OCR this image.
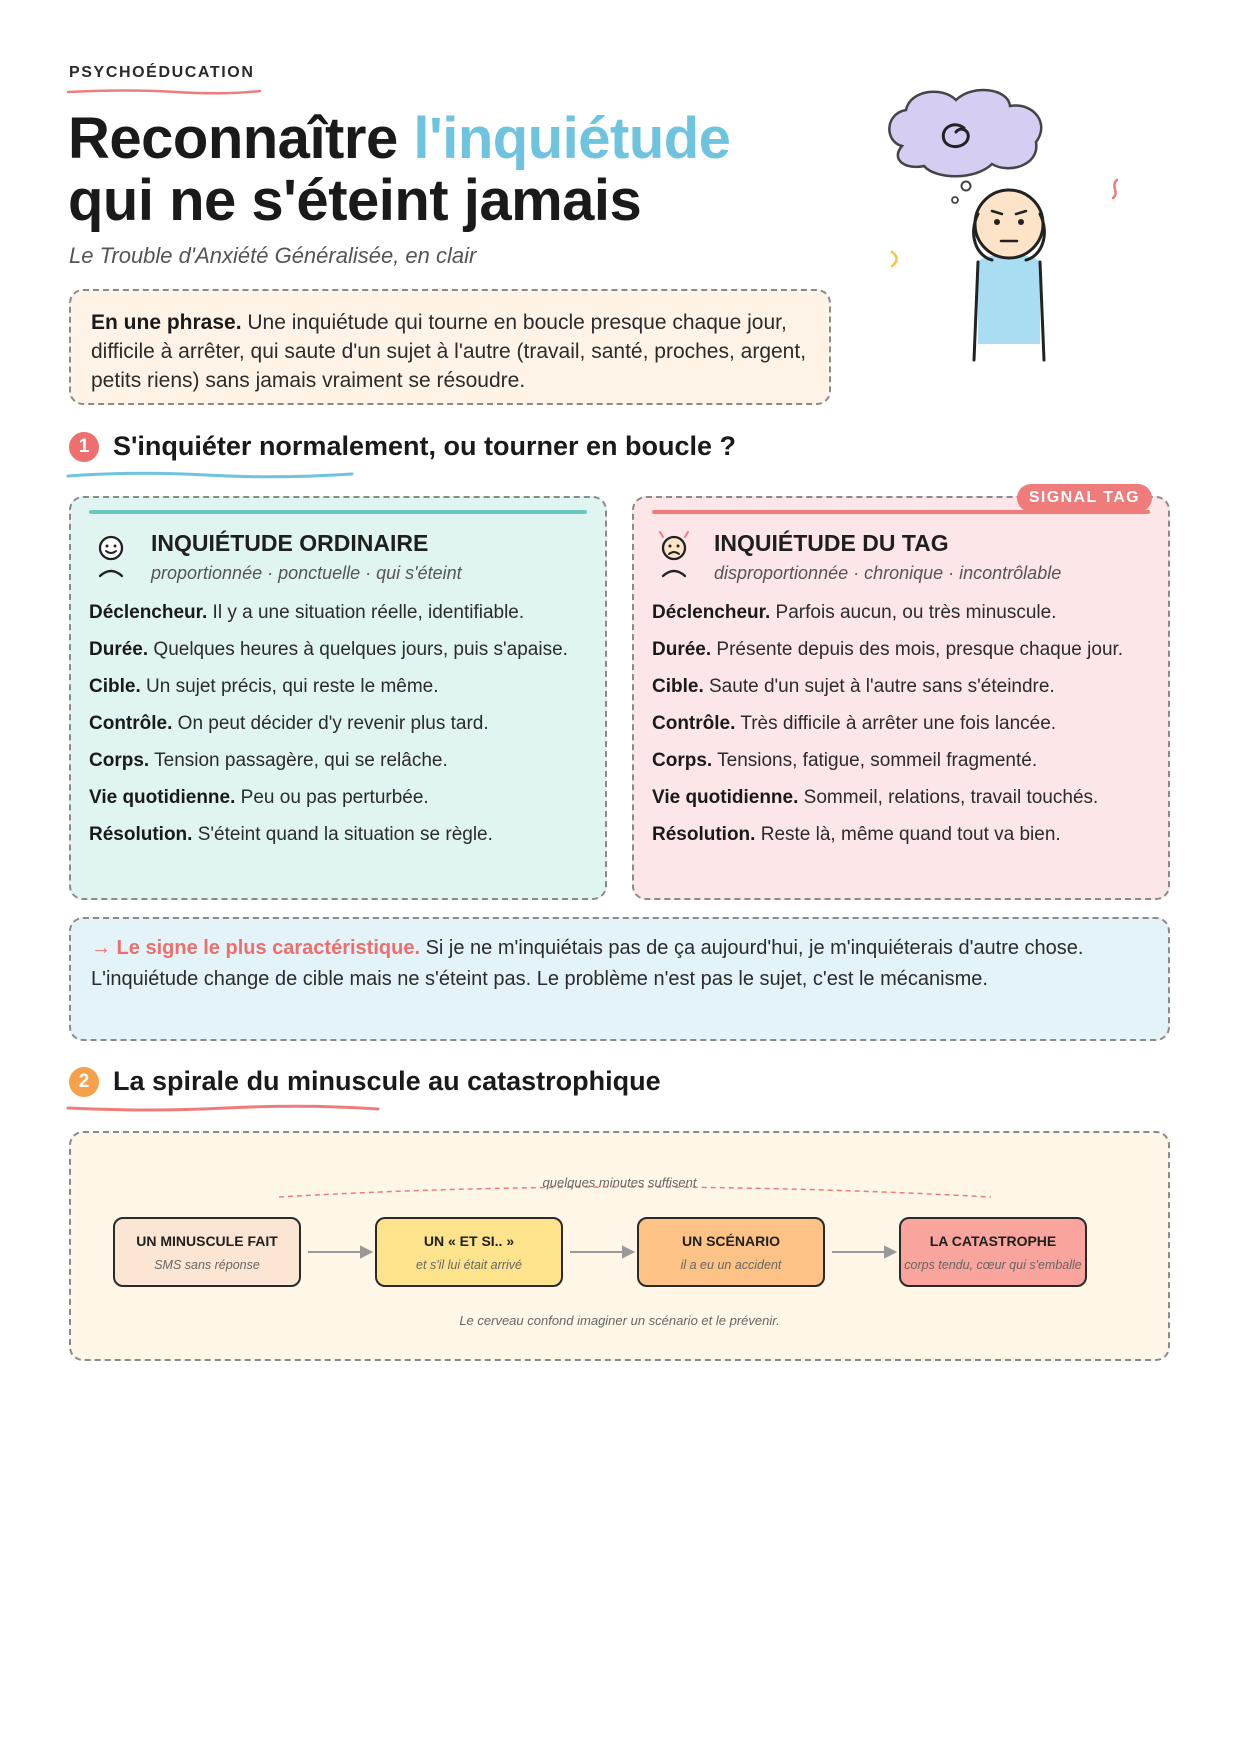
PSYCHOÉDUCATION
Reconnaître l'inquiétude
qui ne s'éteint jamais
Le Trouble d'Anxiété Généralisée, en clair
En une phrase. Une inquiétude qui tourne en boucle presque chaque jour, difficile à arrêter, qui saute d'un sujet à l'autre (travail, santé, proches, argent, petits riens) sans jamais vraiment se résoudre.
1 S'inquiéter normalement, ou tourner en boucle ?
INQUIÉTUDE ORDINAIRE
proportionnée · ponctuelle · qui s'éteint
Déclencheur. Il y a une situation réelle, identifiable.
Durée. Quelques heures à quelques jours, puis s'apaise.
Cible. Un sujet précis, qui reste le même.
Contrôle. On peut décider d'y revenir plus tard.
Corps. Tension passagère, qui se relâche.
Vie quotidienne. Peu ou pas perturbée.
Résolution. S'éteint quand la situation se règle.
SIGNAL TAG
INQUIÉTUDE DU TAG
disproportionnée · chronique · incontrôlable
Déclencheur. Parfois aucun, ou très minuscule.
Durée. Présente depuis des mois, presque chaque jour.
Cible. Saute d'un sujet à l'autre sans s'éteindre.
Contrôle. Très difficile à arrêter une fois lancée.
Corps. Tensions, fatigue, sommeil fragmenté.
Vie quotidienne. Sommeil, relations, travail touchés.
Résolution. Reste là, même quand tout va bien.
→ Le signe le plus caractéristique. Si je ne m'inquiétais pas de ça aujourd'hui, je m'inquiéterais d'autre chose. L'inquiétude change de cible mais ne s'éteint pas. Le problème n'est pas le sujet, c'est le mécanisme.
2 La spirale du minuscule au catastrophique
quelques minutes suffisent
UN MINUSCULE FAIT
SMS sans réponse
UN « ET SI.. »
et s'il lui était arrivé
UN SCÉNARIO
il a eu un accident
LA CATASTROPHE
corps tendu, cœur qui s'emballe
Le cerveau confond imaginer un scénario et le prévenir.
